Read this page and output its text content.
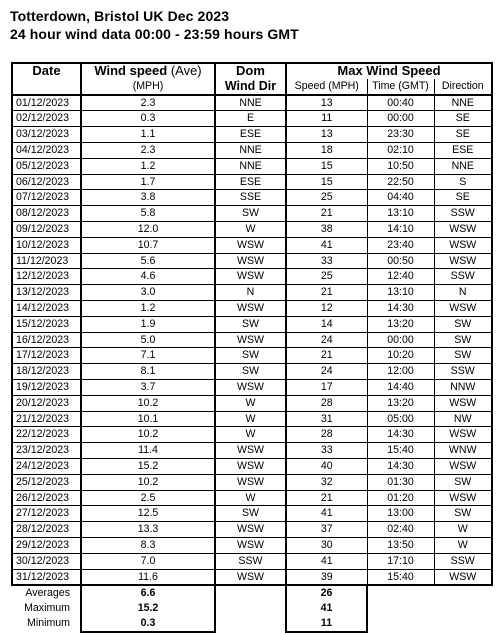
Totterdown, Bristol UK Dec 2023
24 hour wind data 00:00 - 23:59 hours GMT
Date	Wind speed (Ave)	Dom	Max Wind Speed		
	(MPH)	Wind Dir	Speed (MPH)	Time (GMT)	Direction
01/12/2023	2.3	NNE	13	00:40	NNE
02/12/2023	0.3	E	11	00:00	SE
03/12/2023	1.1	ESE	13	23:30	SE
04/12/2023	2.3	NNE	18	02:10	ESE
05/12/2023	1.2	NNE	15	10:50	NNE
06/12/2023	1.7	ESE	15	22:50	S
07/12/2023	3.8	SSE	25	04:40	SE
08/12/2023	5.8	SW	21	13:10	SSW
09/12/2023	12.0	W	38	14:10	WSW
10/12/2023	10.7	WSW	41	23:40	WSW
11/12/2023	5.6	WSW	33	00:50	WSW
12/12/2023	4.6	WSW	25	12:40	SSW
13/12/2023	3.0	N	21	13:10	N
14/12/2023	1.2	WSW	12	14:30	WSW
15/12/2023	1.9	SW	14	13:20	SW
16/12/2023	5.0	WSW	24	00:00	SW
17/12/2023	7.1	SW	21	10:20	SW
18/12/2023	8.1	SW	24	12:00	SSW
19/12/2023	3.7	WSW	17	14:40	NNW
20/12/2023	10.2	W	28	13:20	WSW
21/12/2023	10.1	W	31	05:00	NW
22/12/2023	10.2	W	28	14:30	WSW
23/12/2023	11.4	WSW	33	15:40	WNW
24/12/2023	15.2	WSW	40	14:30	WSW
25/12/2023	10.2	WSW	32	01:30	SW
26/12/2023	2.5	W	21	01:20	WSW
27/12/2023	12.5	SW	41	13:00	SW
28/12/2023	13.3	WSW	37	02:40	W
29/12/2023	8.3	WSW	30	13:50	W
30/12/2023	7.0	SSW	41	17:10	SSW
31/12/2023	11.6	WSW	39	15:40	WSW
Averages	6.6		26		
Maximum	15.2		41		
Minimum	0.3		11		
